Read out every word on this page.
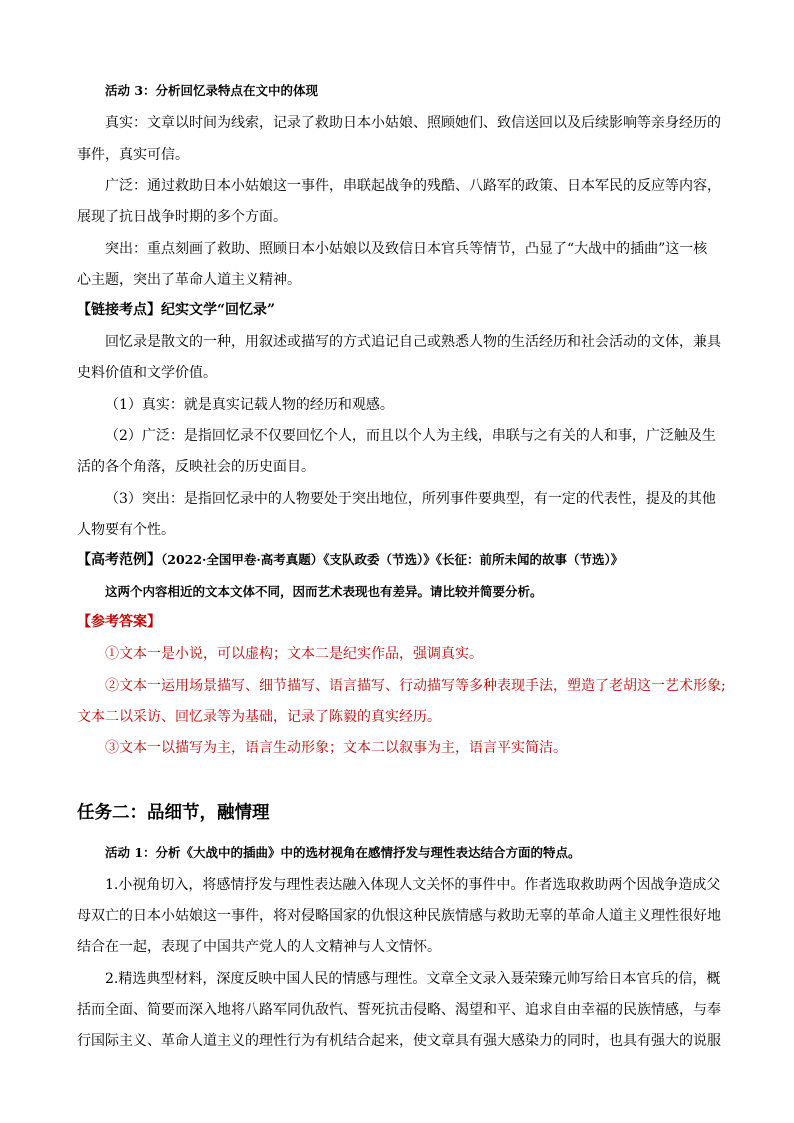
活动 3：分析回忆录特点在文中的体现
真实：文章以时间为线索，记录了救助日本小姑娘、照顾她们、致信送回以及后续影响等亲身经历的
事件，真实可信。
广泛：通过救助日本小姑娘这一事件，串联起战争的残酷、八路军的政策、日本军民的反应等内容，
展现了抗日战争时期的多个方面。
突出：重点刻画了救助、照顾日本小姑娘以及致信日本官兵等情节，凸显了“大战中的插曲”这一核
心主题，突出了革命人道主义精神。
【链接考点】纪实文学“回忆录”
回忆录是散文的一种，用叙述或描写的方式追记自己或熟悉人物的生活经历和社会活动的文体，兼具
史料价值和文学价值。
（1）真实：就是真实记载人物的经历和观感。
（2）广泛：是指回忆录不仅要回忆个人，而且以个人为主线，串联与之有关的人和事，广泛触及生
活的各个角落，反映社会的历史面目。
（3）突出：是指回忆录中的人物要处于突出地位，所列事件要典型，有一定的代表性，提及的其他
人物要有个性。
【高考范例】（2022·全国甲卷·高考真题）《支队政委（节选）》《长征：前所未闻的故事（节选）》
这两个内容相近的文本文体不同，因而艺术表现也有差异。请比较并简要分析。
【参考答案】
①文本一是小说，可以虚构；文本二是纪实作品，强调真实。
②文本一运用场景描写、细节描写、语言描写、行动描写等多种表现手法，塑造了老胡这一艺术形象;
文本二以采访、回忆录等为基础，记录了陈毅的真实经历。
③文本一以描写为主，语言生动形象；文本二以叙事为主，语言平实简洁。
任务二：品细节，融情理
活动 1：分析《大战中的插曲》中的选材视角在感情抒发与理性表达结合方面的特点。
1.小视角切入，将感情抒发与理性表达融入体现人文关怀的事件中。作者选取救助两个因战争造成父
母双亡的日本小姑娘这一事件，将对侵略国家的仇恨这种民族情感与救助无辜的革命人道主义理性很好地
结合在一起，表现了中国共产党人的人文精神与人文情怀。
2.精选典型材料，深度反映中国人民的情感与理性。文章全文录入聂荣臻元帅写给日本官兵的信，概
括而全面、简要而深入地将八路军同仇敌忾、誓死抗击侵略、渴望和平、追求自由幸福的民族情感，与奉
行国际主义、革命人道主义的理性行为有机结合起来，使文章具有强大感染力的同时，也具有强大的说服
